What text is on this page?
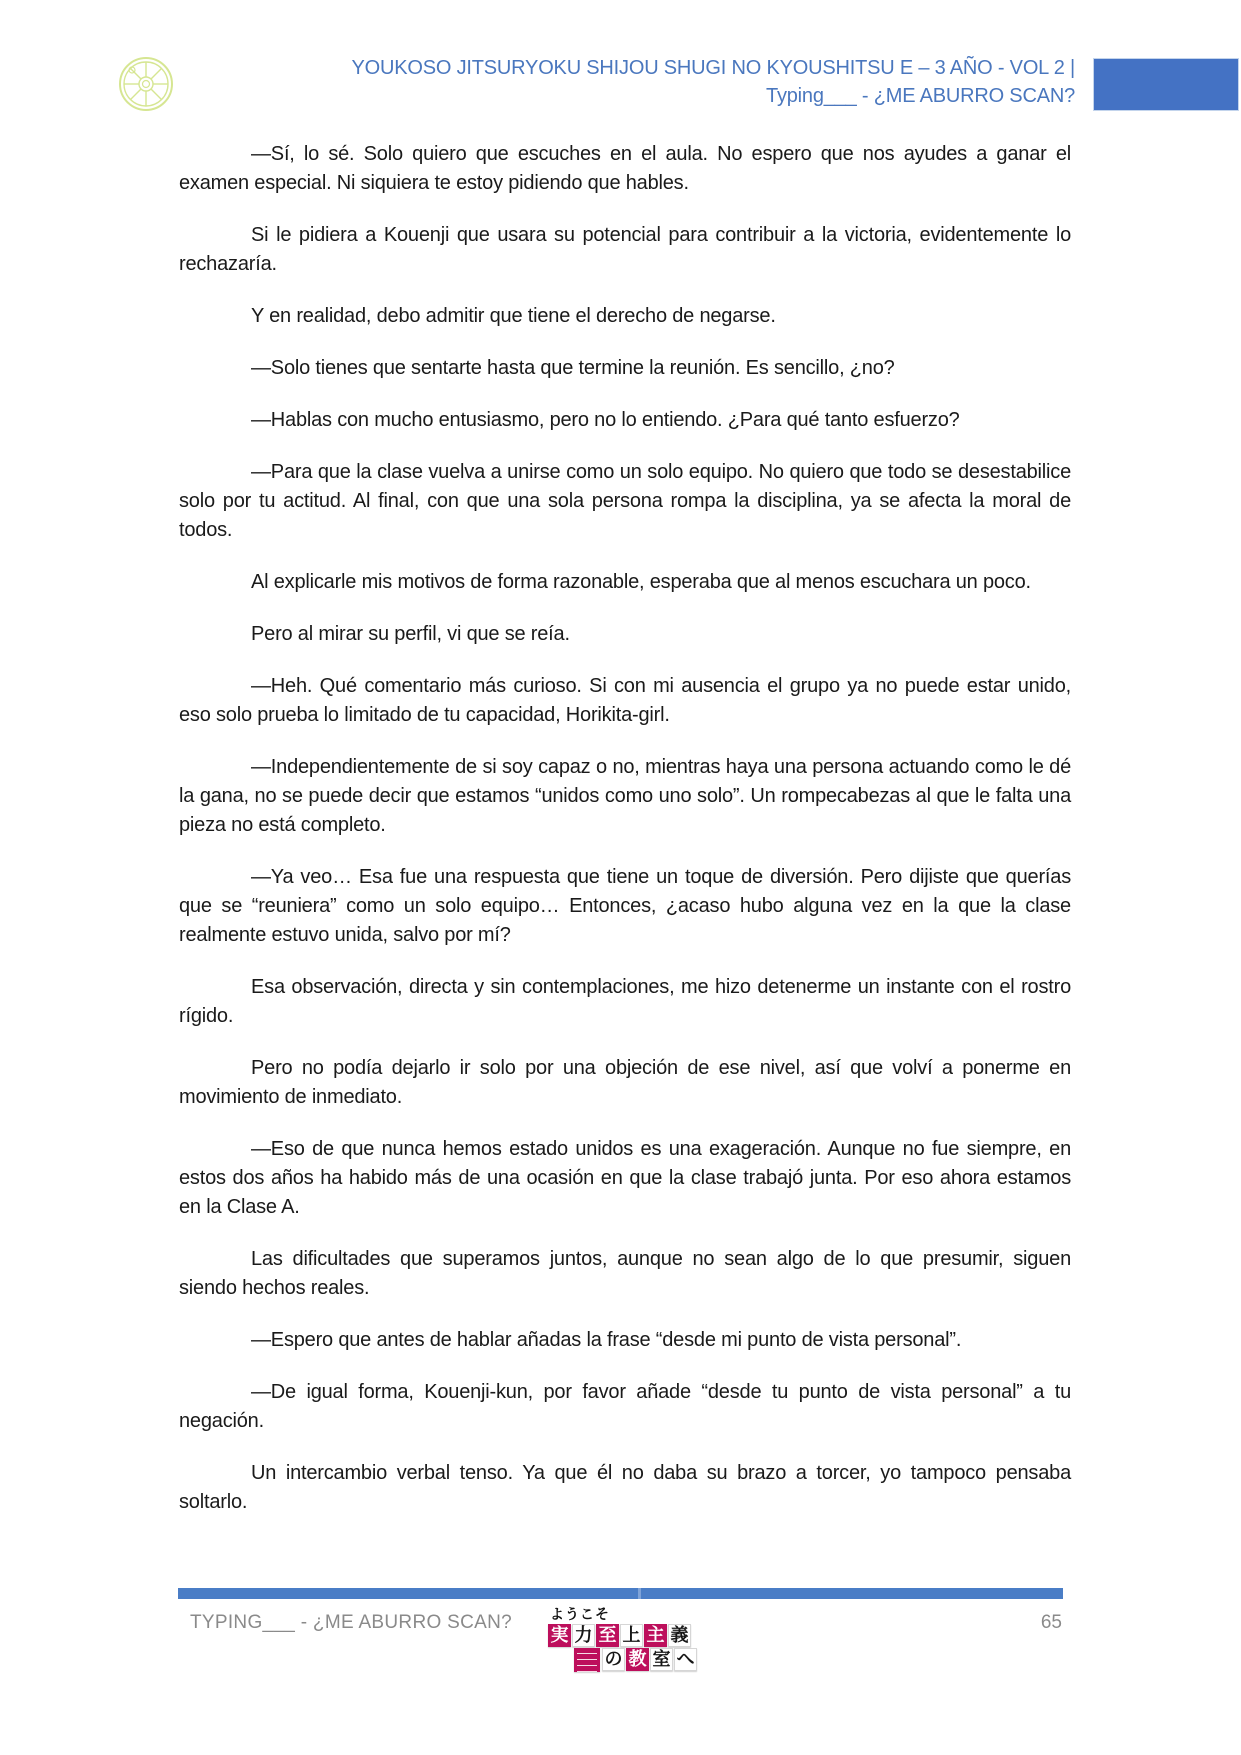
YOUKOSO JITSURYOKU SHIJOU SHUGI NO KYOUSHITSU E – 3 AÑO - VOL 2 | Typing___ - ¿ME ABURRO SCAN?

—Sí, lo sé. Solo quiero que escuches en el aula. No espero que nos ayudes a ganar el examen especial. Ni siquiera te estoy pidiendo que hables.

Si le pidiera a Kouenji que usara su potencial para contribuir a la victoria, evidentemente lo rechazaría.

Y en realidad, debo admitir que tiene el derecho de negarse.

—Solo tienes que sentarte hasta que termine la reunión. Es sencillo, ¿no?

—Hablas con mucho entusiasmo, pero no lo entiendo. ¿Para qué tanto esfuerzo?

—Para que la clase vuelva a unirse como un solo equipo. No quiero que todo se desestabilice solo por tu actitud. Al final, con que una sola persona rompa la disciplina, ya se afecta la moral de todos.

Al explicarle mis motivos de forma razonable, esperaba que al menos escuchara un poco.

Pero al mirar su perfil, vi que se reía.

—Heh. Qué comentario más curioso. Si con mi ausencia el grupo ya no puede estar unido, eso solo prueba lo limitado de tu capacidad, Horikita-girl.

—Independientemente de si soy capaz o no, mientras haya una persona actuando como le dé la gana, no se puede decir que estamos “unidos como uno solo”. Un rompecabezas al que le falta una pieza no está completo.

—Ya veo… Esa fue una respuesta que tiene un toque de diversión. Pero dijiste que querías que se “reuniera” como un solo equipo… Entonces, ¿acaso hubo alguna vez en la que la clase realmente estuvo unida, salvo por mí?

Esa observación, directa y sin contemplaciones, me hizo detenerme un instante con el rostro rígido.

Pero no podía dejarlo ir solo por una objeción de ese nivel, así que volví a ponerme en movimiento de inmediato.

—Eso de que nunca hemos estado unidos es una exageración. Aunque no fue siempre, en estos dos años ha habido más de una ocasión en que la clase trabajó junta. Por eso ahora estamos en la Clase A.

Las dificultades que superamos juntos, aunque no sean algo de lo que presumir, siguen siendo hechos reales.

—Espero que antes de hablar añadas la frase “desde mi punto de vista personal”.

—De igual forma, Kouenji-kun, por favor añade “desde tu punto de vista personal” a tu negación.

Un intercambio verbal tenso. Ya que él no daba su brazo a torcer, yo tampoco pensaba soltarlo.

TYPING___ - ¿ME ABURRO SCAN?	ようこそ
実 力 至 上 主 義
の 教 室 へ
65
